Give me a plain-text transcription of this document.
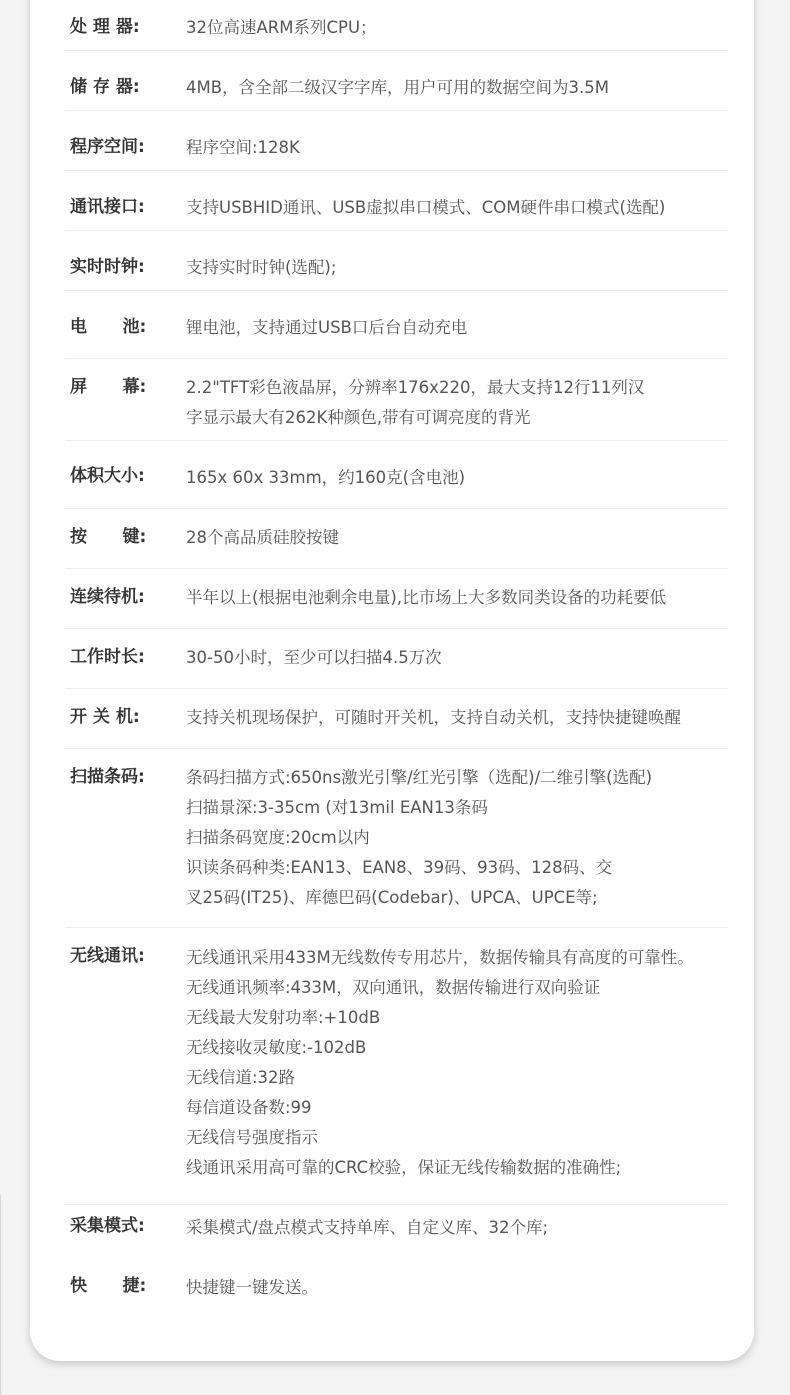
处 理 器:	32位高速ARM系列CPU；
储 存 器:	4MB，含全部二级汉字字库，用户可用的数据空间为3.5M
程序空间:	程序空间:128K
通讯接口:	支持USBHID通讯、USB虚拟串口模式、COM硬件串口模式(选配)
实时时钟:	支持实时时钟(选配);
电      池:	锂电池，支持通过USB口后台自动充电
屏      幕:	2.2"TFT彩色液晶屏，分辨率176x220，最大支持12行11列汉
字显示最大有262K种颜色,带有可调亮度的背光
体积大小:	165x 60x 33mm，约160克(含电池)
按      键:	28个高品质硅胶按键
连续待机:	半年以上(根据电池剩余电量),比市场上大多数同类设备的功耗要低
工作时长:	30-50小时，至少可以扫描4.5万次
开 关 机:	支持关机现场保护，可随时开关机，支持自动关机，支持快捷键唤醒
扫描条码:	条码扫描方式:650ns激光引擎/红光引擎（选配)/二维引擎(选配)
扫描景深:3-35cm (对13mil EAN13条码
扫描条码宽度:20cm以内
识读条码种类:EAN13、EAN8、39码、93码、128码、交
叉25码(IT25)、库德巴码(Codebar)、UPCA、UPCE等;
无线通讯:	无线通讯采用433M无线数传专用芯片，数据传输具有高度的可靠性。
无线通讯频率:433M，双向通讯，数据传输进行双向验证
无线最大发射功率:+10dB
无线接收灵敏度:-102dB
无线信道:32路
每信道设备数:99
无线信号强度指示
线通讯采用高可靠的CRC校验，保证无线传输数据的准确性;
采集模式:	采集模式/盘点模式支持单库、自定义库、32个库;
快      捷:	快捷键一键发送。
